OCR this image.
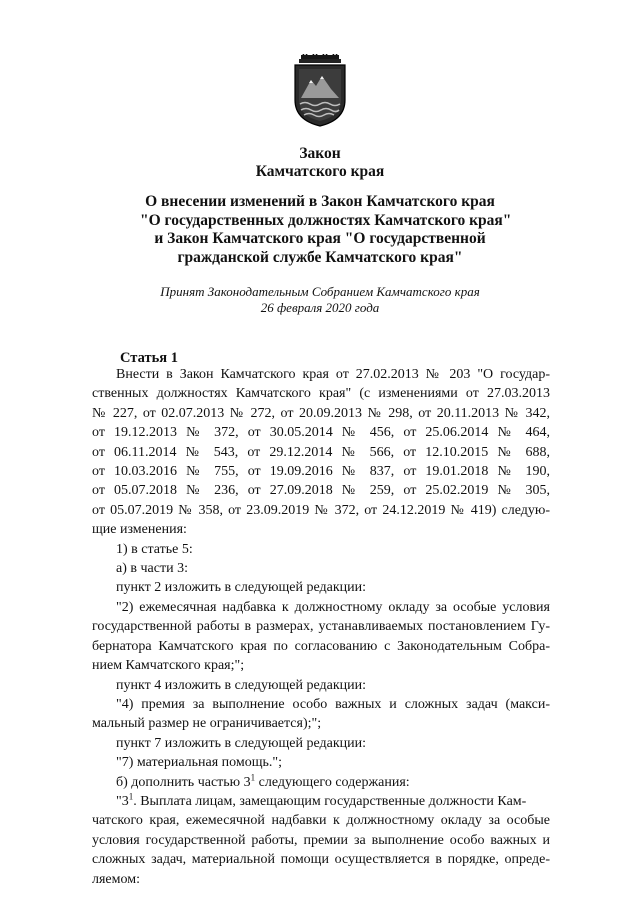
Закон
Камчатского края
О внесении изменений в Закон Камчатского края
"О государственных должностях Камчатского края"
и Закон Камчатского края "О государственной
гражданской службе Камчатского края"
Принят Законодательным Собранием Камчатского края
26 февраля 2020 года
Статья 1
Внести в Закон Камчатского края от 27.02.2013 № 203 "О государ-
ственных должностях Камчатского края" (с изменениями от 27.03.2013
№ 227, от 02.07.2013 № 272, от 20.09.2013 № 298, от 20.11.2013 № 342,
от 19.12.2013 № 372, от 30.05.2014 № 456, от 25.06.2014 № 464,
от 06.11.2014 № 543, от 29.12.2014 № 566, от 12.10.2015 № 688,
от 10.03.2016 № 755, от 19.09.2016 № 837, от 19.01.2018 № 190,
от 05.07.2018 № 236, от 27.09.2018 № 259, от 25.02.2019 № 305,
от 05.07.2019 № 358, от 23.09.2019 № 372, от 24.12.2019 № 419) следую-
щие изменения:
1) в статье 5:
а) в части 3:
пункт 2 изложить в следующей редакции:
"2) ежемесячная надбавка к должностному окладу за особые условия
государственной работы в размерах, устанавливаемых постановлением Гу-
бернатора Камчатского края по согласованию с Законодательным Собра-
нием Камчатского края;";
пункт 4 изложить в следующей редакции:
"4) премия за выполнение особо важных и сложных задач (макси-
мальный размер не ограничивается);";
пункт 7 изложить в следующей редакции:
"7) материальная помощь.";
б) дополнить частью $3^1$ следующего содержания:
"$3^1$. Выплата лицам, замещающим государственные должности Кам-
чатского края, ежемесячной надбавки к должностному окладу за особые
условия государственной работы, премии за выполнение особо важных и
сложных задач, материальной помощи осуществляется в порядке, опреде-
ляемом:
